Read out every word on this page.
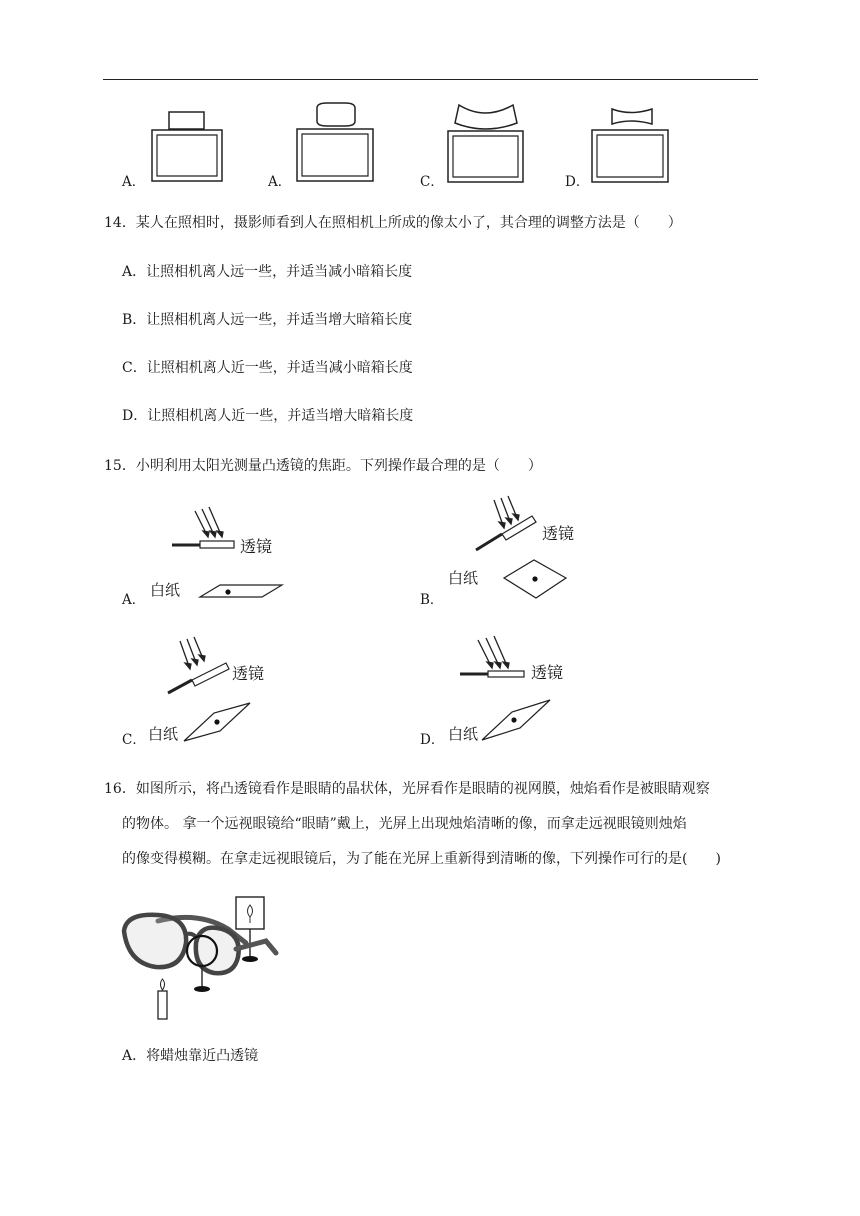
A．	A．	C．	D．
14．某人在照相时，摄影师看到人在照相机上所成的像太小了，其合理的调整方法是（　　）
A．让照相机离人远一些，并适当减小暗箱长度
B．让照相机离人远一些，并适当增大暗箱长度
C．让照相机离人近一些，并适当减小暗箱长度
D．让照相机离人近一些，并适当增大暗箱长度
15．小明利用太阳光测量凸透镜的焦距。下列操作最合理的是（　　）
透镜
白纸
A．
透镜
白纸
B．
透镜
白纸
C．
透镜
白纸
D．
16．如图所示，将凸透镜看作是眼睛的晶状体，光屏看作是眼睛的视网膜，烛焰看作是被眼睛观察
的物体。 拿一个远视眼镜给“眼睛”戴上，光屏上出现烛焰清晰的像，而拿走远视眼镜则烛焰
的像变得模糊。在拿走远视眼镜后，为了能在光屏上重新得到清晰的像，下列操作可行的是(　　)
A．将蜡烛靠近凸透镜
